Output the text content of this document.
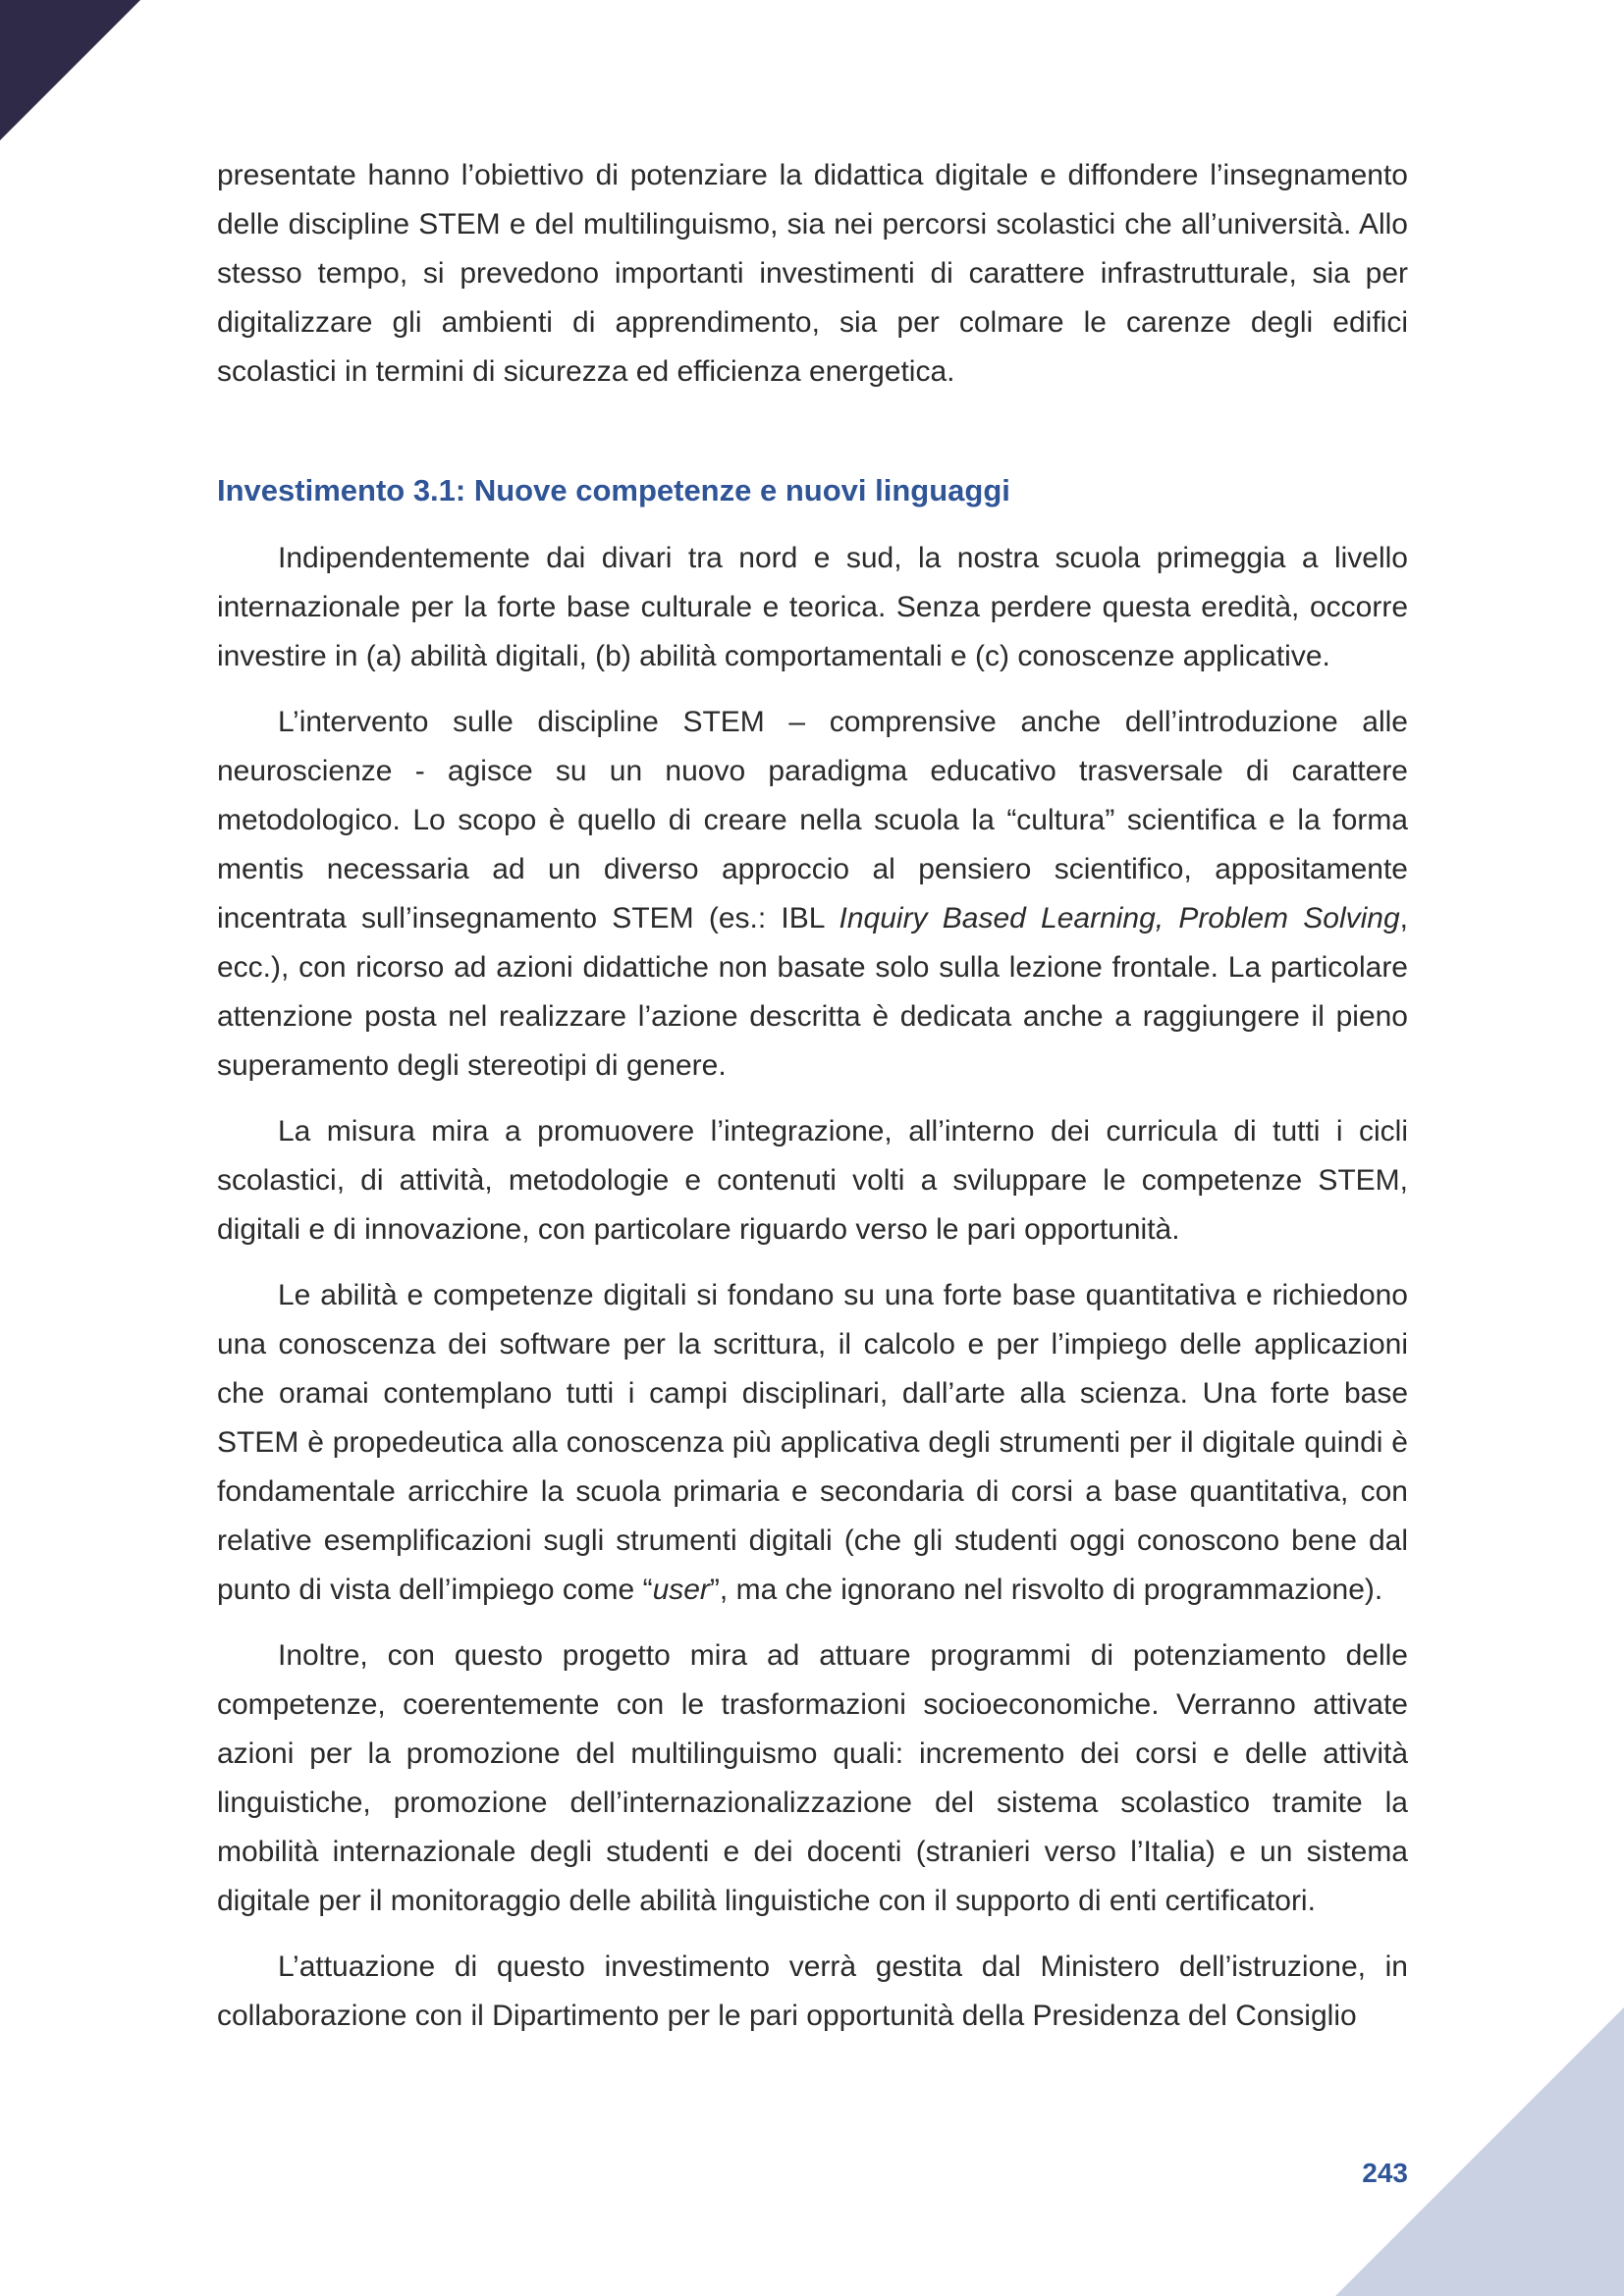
presentate hanno l’obiettivo di potenziare la didattica digitale e diffondere l’insegnamento delle discipline STEM e del multilinguismo, sia nei percorsi scolastici che all’università. Allo stesso tempo, si prevedono importanti investimenti di carattere infrastrutturale, sia per digitalizzare gli ambienti di apprendimento, sia per colmare le carenze degli edifici scolastici in termini di sicurezza ed efficienza energetica.

Investimento 3.1: Nuove competenze e nuovi linguaggi

Indipendentemente dai divari tra nord e sud, la nostra scuola primeggia a livello internazionale per la forte base culturale e teorica. Senza perdere questa eredità, occorre investire in (a) abilità digitali, (b) abilità comportamentali e (c) conoscenze applicative.

L’intervento sulle discipline STEM – comprensive anche dell’introduzione alle neuroscienze - agisce su un nuovo paradigma educativo trasversale di carattere metodologico. Lo scopo è quello di creare nella scuola la “cultura” scientifica e la forma mentis necessaria ad un diverso approccio al pensiero scientifico, appositamente incentrata sull’insegnamento STEM (es.: IBL Inquiry Based Learning, Problem Solving, ecc.), con ricorso ad azioni didattiche non basate solo sulla lezione frontale. La particolare attenzione posta nel realizzare l’azione descritta è dedicata anche a raggiungere il pieno superamento degli stereotipi di genere.

La misura mira a promuovere l’integrazione, all’interno dei curricula di tutti i cicli scolastici, di attività, metodologie e contenuti volti a sviluppare le competenze STEM, digitali e di innovazione, con particolare riguardo verso le pari opportunità.

Le abilità e competenze digitali si fondano su una forte base quantitativa e richiedono una conoscenza dei software per la scrittura, il calcolo e per l’impiego delle applicazioni che oramai contemplano tutti i campi disciplinari, dall’arte alla scienza. Una forte base STEM è propedeutica alla conoscenza più applicativa degli strumenti per il digitale quindi è fondamentale arricchire la scuola primaria e secondaria di corsi a base quantitativa, con relative esemplificazioni sugli strumenti digitali (che gli studenti oggi conoscono bene dal punto di vista dell’impiego come “user”, ma che ignorano nel risvolto di programmazione).

Inoltre, con questo progetto mira ad attuare programmi di potenziamento delle competenze, coerentemente con le trasformazioni socioeconomiche. Verranno attivate azioni per la promozione del multilinguismo quali: incremento dei corsi e delle attività linguistiche, promozione dell’internazionalizzazione del sistema scolastico tramite la mobilità internazionale degli studenti e dei docenti (stranieri verso l’Italia) e un sistema digitale per il monitoraggio delle abilità linguistiche con il supporto di enti certificatori.

L’attuazione di questo investimento verrà gestita dal Ministero dell’istruzione, in collaborazione con il Dipartimento per le pari opportunità della Presidenza del Consiglio

243
